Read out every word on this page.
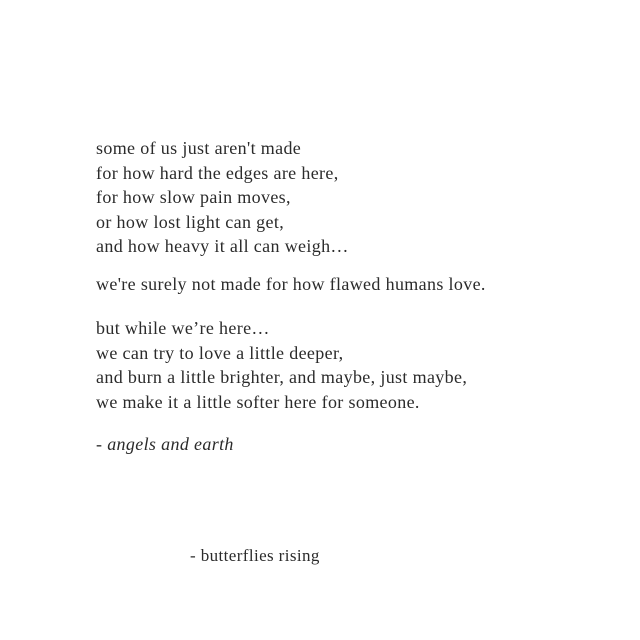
some of us just aren't made
for how hard the edges are here,
for how slow pain moves,
or how lost light can get,
and how heavy it all can weigh…
we're surely not made for how flawed humans love.
but while we’re here…
we can try to love a little deeper,
and burn a little brighter, and maybe, just maybe,
we make it a little softer here for someone.
- angels and earth
- butterflies rising
